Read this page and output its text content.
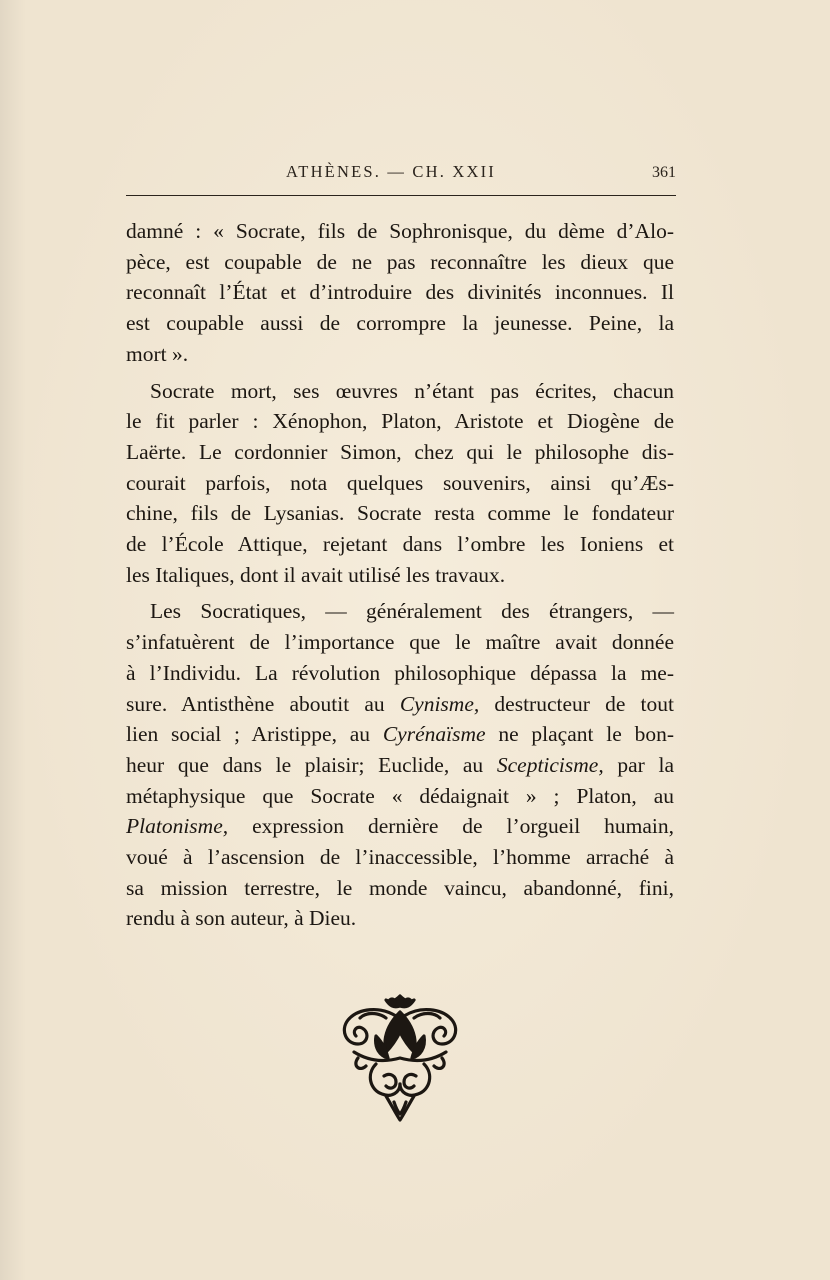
ATHÈNES. — CH. XXII	361

damné : « Socrate, fils de Sophronisque, du dème d’Alo-
pèce, est coupable de ne pas reconnaître les dieux que
reconnaît l’État et d’introduire des divinités inconnues. Il
est coupable aussi de corrompre la jeunesse. Peine, la
mort ».

Socrate mort, ses œuvres n’étant pas écrites, chacun
le fit parler : Xénophon, Platon, Aristote et Diogène de
Laërte. Le cordonnier Simon, chez qui le philosophe dis-
courait parfois, nota quelques souvenirs, ainsi qu’Æs-
chine, fils de Lysanias. Socrate resta comme le fondateur
de l’École Attique, rejetant dans l’ombre les Ioniens et
les Italiques, dont il avait utilisé les travaux.

Les Socratiques, — généralement des étrangers, —
s’infatuèrent de l’importance que le maître avait donnée
à l’Individu. La révolution philosophique dépassa la me-
sure. Antisthène aboutit au Cynisme, destructeur de tout
lien social ; Aristippe, au Cyrénaïsme ne plaçant le bon-
heur que dans le plaisir; Euclide, au Scepticisme, par la
métaphysique que Socrate « dédaignait » ; Platon, au
Platonisme, expression dernière de l’orgueil humain,
voué à l’ascension de l’inaccessible, l’homme arraché à
sa mission terrestre, le monde vaincu, abandonné, fini,
rendu à son auteur, à Dieu.
